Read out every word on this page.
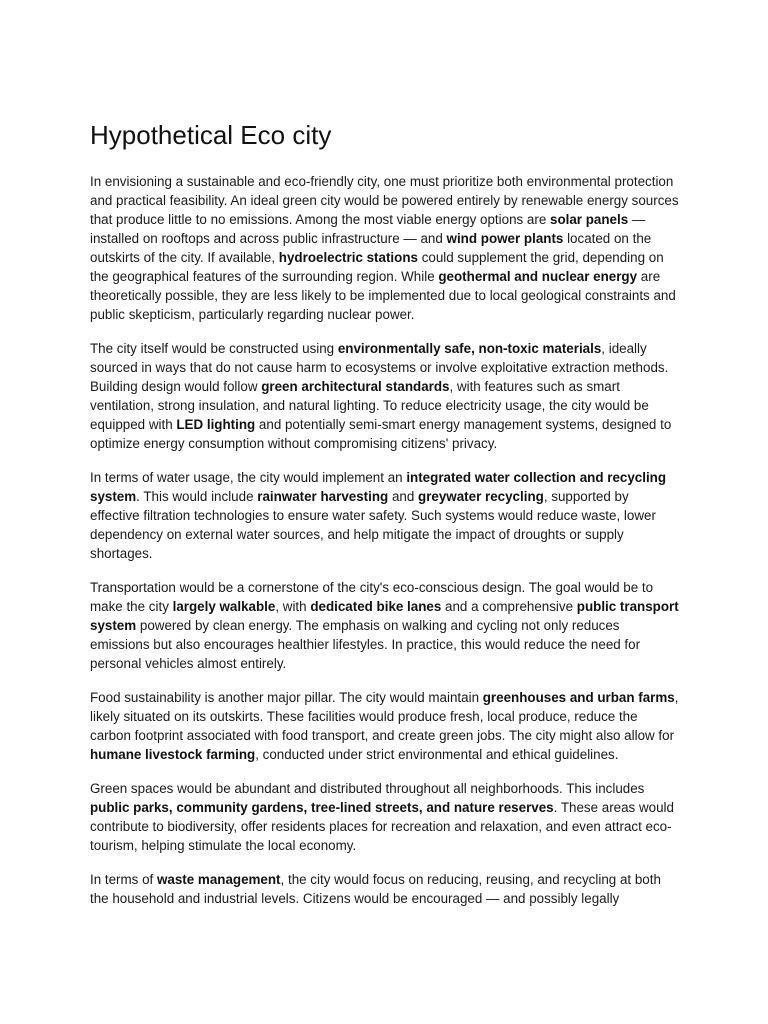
Hypothetical Eco city

In envisioning a sustainable and eco-friendly city, one must prioritize both environmental protection and practical feasibility. An ideal green city would be powered entirely by renewable energy sources that produce little to no emissions. Among the most viable energy options are solar panels — installed on rooftops and across public infrastructure — and wind power plants located on the outskirts of the city. If available, hydroelectric stations could supplement the grid, depending on the geographical features of the surrounding region. While geothermal and nuclear energy are theoretically possible, they are less likely to be implemented due to local geological constraints and public skepticism, particularly regarding nuclear power.

The city itself would be constructed using environmentally safe, non-toxic materials, ideally sourced in ways that do not cause harm to ecosystems or involve exploitative extraction methods. Building design would follow green architectural standards, with features such as smart ventilation, strong insulation, and natural lighting. To reduce electricity usage, the city would be equipped with LED lighting and potentially semi-smart energy management systems, designed to optimize energy consumption without compromising citizens' privacy.

In terms of water usage, the city would implement an integrated water collection and recycling system. This would include rainwater harvesting and greywater recycling, supported by effective filtration technologies to ensure water safety. Such systems would reduce waste, lower dependency on external water sources, and help mitigate the impact of droughts or supply shortages.

Transportation would be a cornerstone of the city's eco-conscious design. The goal would be to make the city largely walkable, with dedicated bike lanes and a comprehensive public transport system powered by clean energy. The emphasis on walking and cycling not only reduces emissions but also encourages healthier lifestyles. In practice, this would reduce the need for personal vehicles almost entirely.

Food sustainability is another major pillar. The city would maintain greenhouses and urban farms, likely situated on its outskirts. These facilities would produce fresh, local produce, reduce the carbon footprint associated with food transport, and create green jobs. The city might also allow for humane livestock farming, conducted under strict environmental and ethical guidelines.

Green spaces would be abundant and distributed throughout all neighborhoods. This includes public parks, community gardens, tree-lined streets, and nature reserves. These areas would contribute to biodiversity, offer residents places for recreation and relaxation, and even attract eco-tourism, helping stimulate the local economy.

In terms of waste management, the city would focus on reducing, reusing, and recycling at both the household and industrial levels. Citizens would be encouraged — and possibly legally
